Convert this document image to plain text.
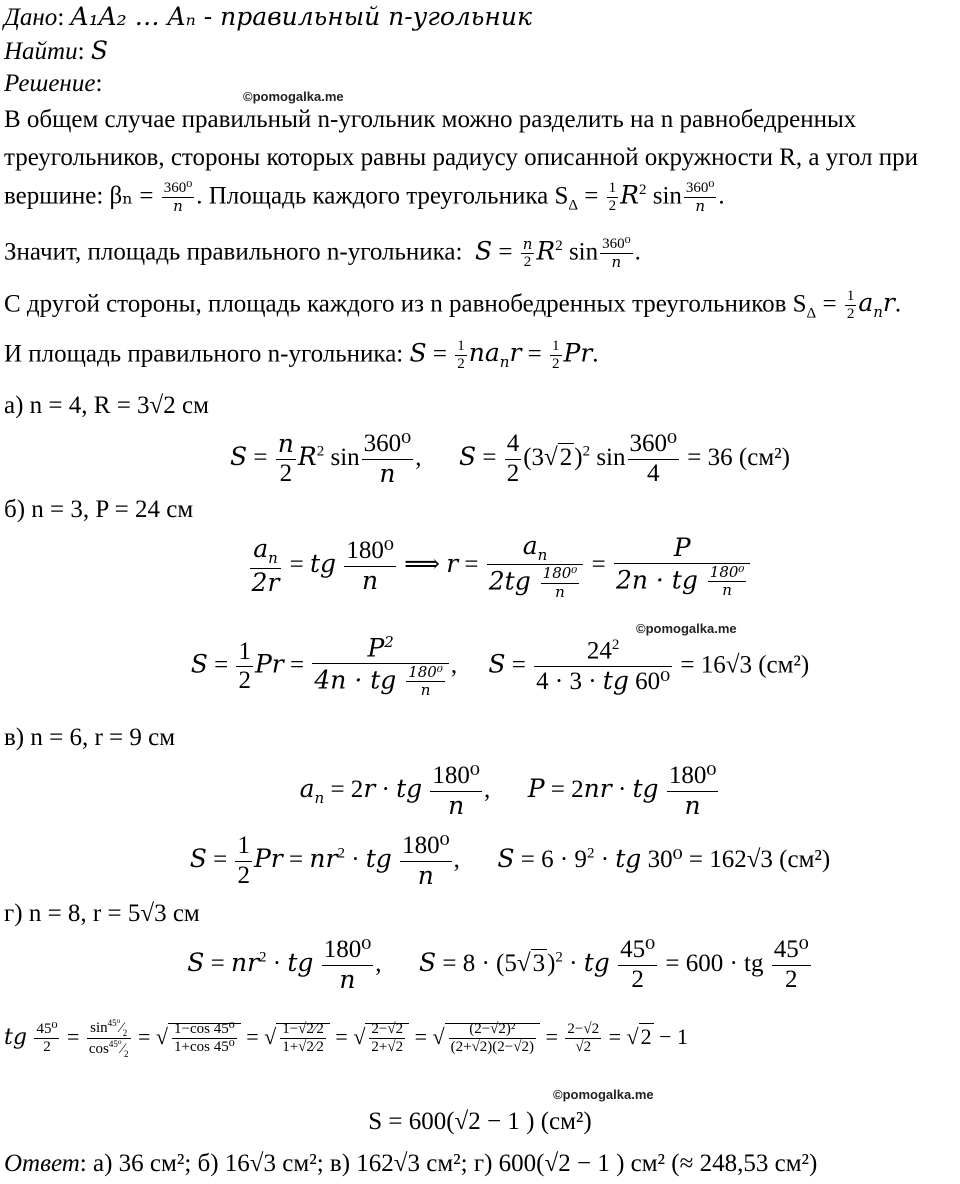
Дано: A₁A₂ … Aₙ - правильный n-угольник
Найти: S
Решение:	©pomogalka.me
В общем случае правильный n-угольник можно разделить на n равнобедренных
треугольников, стороны которых равны радиусу описанной окружности R, а угол при
вершине: $\beta_n = \frac{\text{360⁰}}{n}$ . Площадь каждого треугольника $S_\Delta = \frac{1}{2} R^2$ $\sin \frac{\text{360⁰}}{n}$ .
Значит, площадь правильного n-угольника: $S = \frac{n}{2} R^2$ $\sin \frac{\text{360⁰}}{n}$ .
С другой стороны, площадь каждого из n равнобедренных треугольников $S_\Delta = \frac{1}{2} a_nr$.
И площадь правильного n-угольника: $S = \frac{1}{2} na_nr = \frac{1}{2} Pr$.
а) n = 4, R = 3√2 см
$S = \frac{n}{2} R^2$ $\sin \frac{\text{360⁰}}{n}$ ,      $S = \frac{4}{2} (3√$ 2)$^2$ $\sin \frac{\text{360⁰}}{4} = 36$ (см²)
б) n = 3, P = 24 см
$\frac{a_n}{2r}$ = tg $\frac{\text{180⁰}}{n}$ ⟹ $r = \frac{a_n}{2tg \frac{\text{180⁰}}{n}} = \frac{P}{2n \cdot tg \frac{\text{180⁰}}{n}}$
©pomogalka.me
$S = \frac{1}{2}$ $Pr = \frac{P^2}{4n \cdot tg \frac{\text{180⁰}}{n}}$ ,     $S = \frac{24^2}{\text{4 · 3 · tg 60⁰}} = 16√3$ (см²)
в) n = 6, r = 9 см
$a_n = 2r$ · tg $\frac{\text{180⁰}}{n}$ ,      P = 2nr · tg $\frac{\text{180⁰}}{n}$
$S = \frac{1}{2}$ $Pr = nr^2$ · tg $\frac{\text{180⁰}}{n}$ ,      $S = 6 \cdot 9^2$ · tg 30⁰ = 162√3 (см²)
г) n = 8, r = 5√3 см
$S = nr^2$ · tg $\frac{\text{180⁰}}{n}$ ,      S = 8 · (5√ 3)$^2$ · tg $\frac{\text{45⁰}}{2} = 600$ · tg $\frac{\text{45⁰}}{2}$
tg $\frac{\text{45⁰}}{2} = \frac{\sin^{45^0}⁄_2}{\cos^{45^0}⁄_2}$ = √ $\frac{\text{1−cos 45⁰}}{\text{1+cos 45⁰}}$ = √ $\frac{1-√2⁄2}{1+√2⁄2}$ = √ $\frac{2-√2}{2+√2}$ = √ $\frac{\text{(2−√2)²}}{(2+√2)(2-√2)} = \frac{2-√2}{√2}$ = √ 2 − 1
©pomogalka.me
S = 600(√2 − 1 ) (см²)
Ответ: а) 36 см²; б) 16√3 см²; в) 162√3 см²; г) 600(√2 − 1 ) см² (≈ 248,53 см²)
